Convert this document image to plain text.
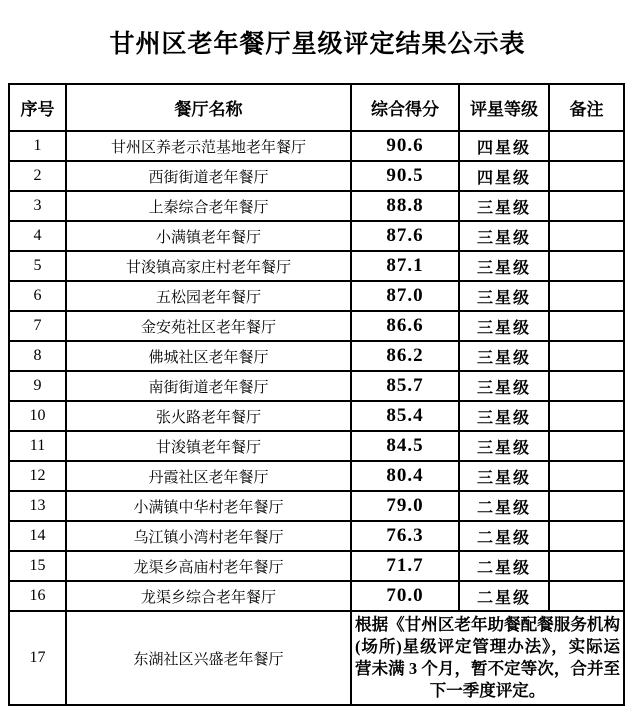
甘州区老年餐厅星级评定结果公示表
序号	餐厅名称	综合得分	评星等级	备注
1	甘州区养老示范基地老年餐厅	90.6	四星级	
2	西街街道老年餐厅	90.5	四星级	
3	上秦综合老年餐厅	88.8	三星级	
4	小满镇老年餐厅	87.6	三星级	
5	甘浚镇高家庄村老年餐厅	87.1	三星级	
6	五松园老年餐厅	87.0	三星级	
7	金安苑社区老年餐厅	86.6	三星级	
8	佛城社区老年餐厅	86.2	三星级	
9	南街街道老年餐厅	85.7	三星级	
10	张火路老年餐厅	85.4	三星级	
11	甘浚镇老年餐厅	84.5	三星级	
12	丹霞社区老年餐厅	80.4	三星级	
13	小满镇中华村老年餐厅	79.0	二星级	
14	乌江镇小湾村老年餐厅	76.3	二星级	
15	龙渠乡高庙村老年餐厅	71.7	二星级	
16	龙渠乡综合老年餐厅	70.0	二星级	
17	东湖社区兴盛老年餐厅	根据《甘州区老年助餐配餐服务机构(场所)星级评定管理办法》，实际运营未满 3 个月，暂不定等次，合并至下一季度评定。		
